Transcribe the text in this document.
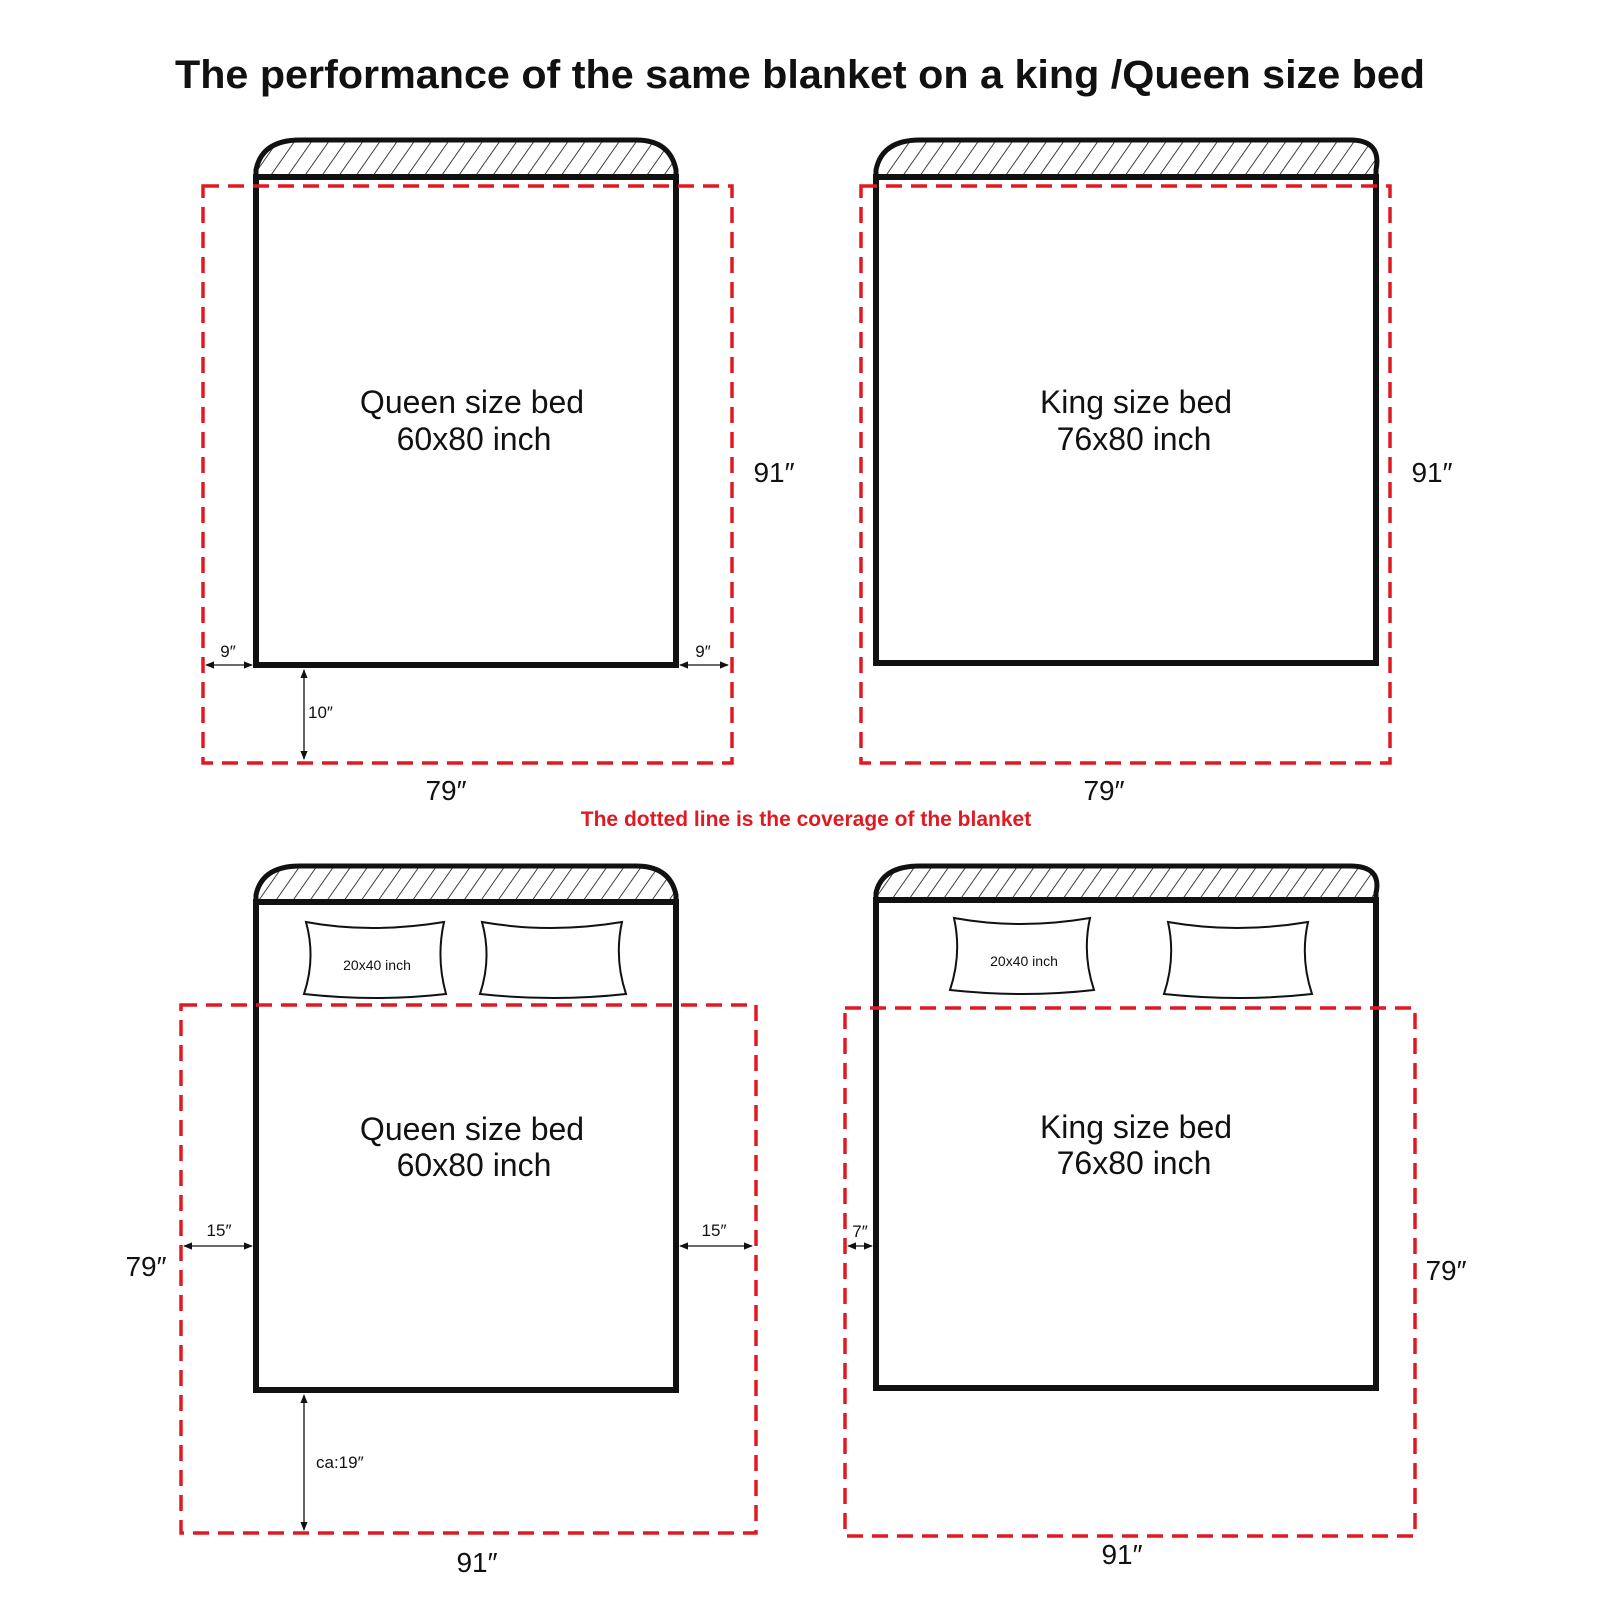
The performance of the same blanket on a king /Queen size bed
Queen size bed
60x80 inch
91″
79″
9″	9″
10″
King size bed
76x80 inch
91″
79″
The dotted line is the coverage of the blanket
20x40 inch
Queen size bed
60x80 inch
79″
91″
15″	15″
ca:19″
20x40 inch
King size bed
76x80 inch
79″
91″
7″
